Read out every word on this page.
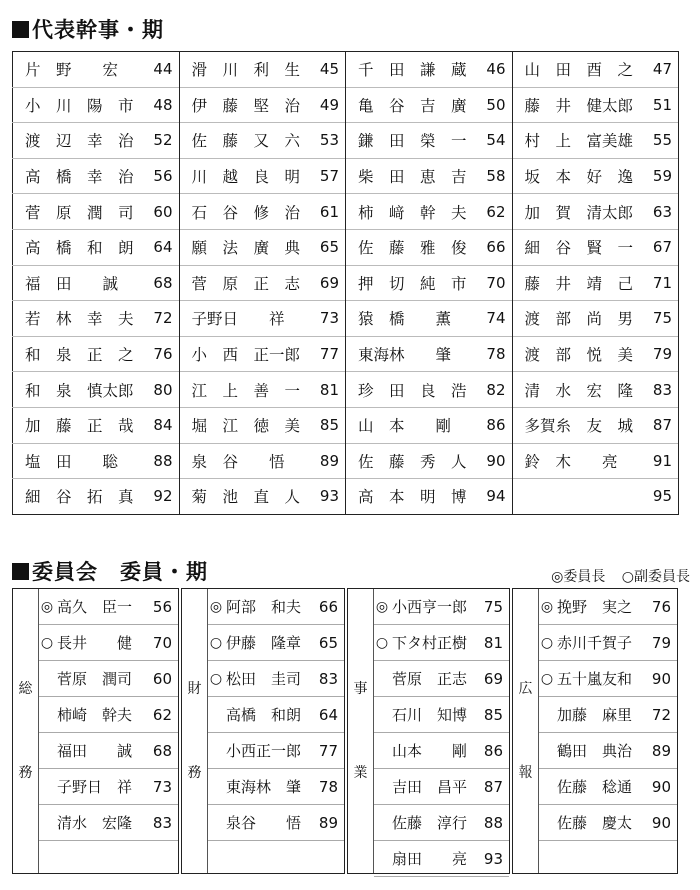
代表幹事・期
片　野　　宏	44	滑　川　利　生	45	千　田　謙　蔵	46	山　田　酉　之	47

小　川　陽　市	48	伊　藤　堅　治	49	亀　谷　吉　廣	50	藤　井　健太郎	51

渡　辺　幸　治	52	佐　藤　又　六	53	鎌　田　榮　一	54	村　上　富美雄	55

高　橋　幸　治	56	川　越　良　明	57	柴　田　恵　吉	58	坂　本　好　逸	59

菅　原　潤　司	60	石　谷　修　治	61	柿　﨑　幹　夫	62	加　賀　清太郎	63

高　橋　和　朗	64	願　法　廣　典	65	佐　藤　雅　俊	66	細　谷　賢　一	67

福　田　　誠	68	菅　原　正　志	69	押　切　純　市	70	藤　井　靖　己	71

若　林　幸　夫	72	子野日　　祥	73	猿　橋　　薫	74	渡　部　尚　男	75

和　泉　正　之	76	小　西　正一郎	77	東海林　　肇	78	渡　部　悦　美	79

和　泉　慎太郎	80	江　上　善　一	81	珍　田　良　浩	82	清　水　宏　隆	83

加　藤　正　哉	84	堀　江　徳　美	85	山　本　　剛	86	多賀糸　友　城	87

塩　田　　聡	88	泉　谷　　悟	89	佐　藤　秀　人	90	鈴　木　　亮	91

細　谷　拓　真	92	菊　池　直　人	93	高　本　明　博	94		95
委員会 委員・期	◎委員長 ○副委員長
総
務
◎ 高久　臣一	56
○ 長井　　健	70
菅原　潤司	60
柿崎　幹夫	62
福田　　誠	68
子野日　祥	73
清水　宏隆	83
財
務
◎ 阿部　和夫	66
○ 伊藤　隆章	65
○ 松田　圭司	83
高橋　和朗	64
小西正一郎	77
東海林　肇	78
泉谷　　悟	89
事
業
◎ 小西亨一郎	75
○ 下タ村正樹	81
菅原　正志	69
石川　知博	85
山本　　剛	86
吉田　昌平	87
佐藤　淳行	88
扇田　　亮	93
広
報
◎ 挽野　実之	76
○ 赤川千賀子	79
○ 五十嵐友和	90
加藤　麻里	72
鶴田　典治	89
佐藤　稔通	90
佐藤　慶太	90
